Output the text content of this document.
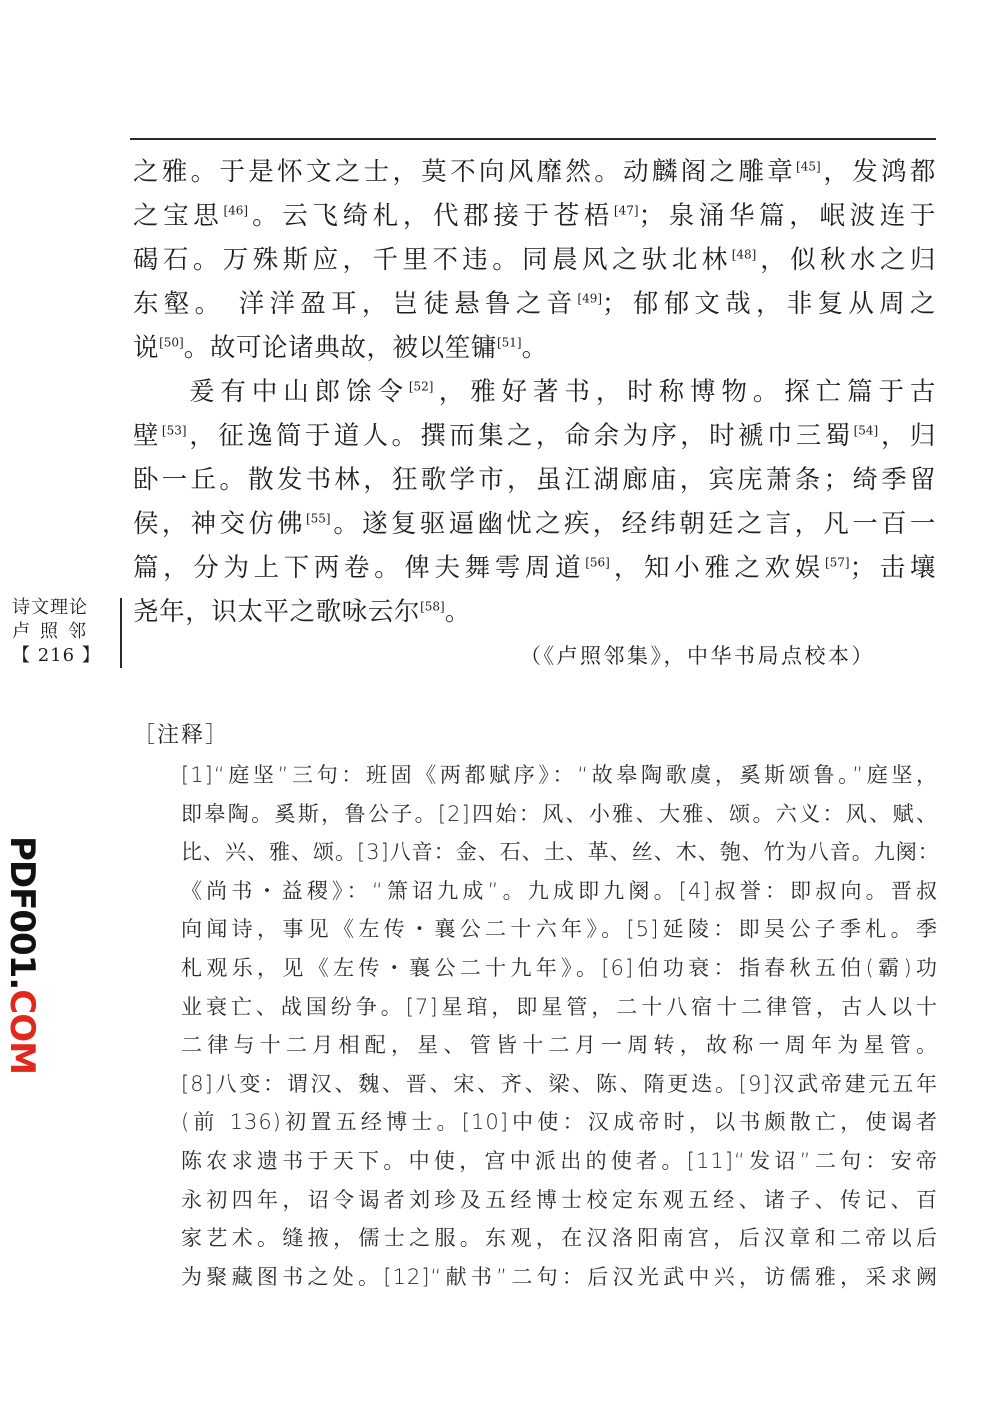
之雅。于是怀文之士，莫不向风靡然。动麟阁之雕章[45]，发鸿都
之宝思[46]。云飞绮札，代郡接于苍梧[47]；泉涌华篇，岷波连于
碣石。万殊斯应，千里不违。同晨风之驮北林[48]，似秋水之归
东壑。 洋洋盈耳，岂徒悬鲁之音[49]；郁郁文哉，非复从周之
说[50]。故可论诸典故，被以笙镛[51]。
爰有中山郎馀令[52]，雅好著书，时称博物。探亡篇于古
壁[53]，征逸简于道人。撰而集之，命余为序，时褫巾三蜀[54]，归
卧一丘。散发书林，狂歌学市，虽江湖廊庙，宾庑萧条；绮季留
侯，神交仿佛[55]。遂复驱逼幽忧之疾，经纬朝廷之言，凡一百一
篇，分为上下两卷。俾夫舞雩周道[56]，知小雅之欢娱[57]；击壤
尧年，识太平之歌咏云尔[58]。
（《卢照邻集》，中华书局点校本）
诗文理论
卢照邻
【 216 】
［注释］
[1]“庭坚”三句：班固《两都赋序》：“故皋陶歌虞，奚斯颂鲁。”庭坚，
即皋陶。奚斯，鲁公子。[2]四始：风、小雅、大雅、颂。六义：风、赋、
比、兴、雅、颂。[3]八音：金、石、土、革、丝、木、匏、竹为八音。九阕：
《尚书・益稷》：“箫诏九成”。九成即九阕。[4]叔誉：即叔向。晋叔
向闻诗，事见《左传・襄公二十六年》。[5]延陵：即吴公子季札。季
札观乐，见《左传・襄公二十九年》。[6]伯功衰：指春秋五伯(霸)功
业衰亡、战国纷争。[7]星琯，即星管，二十八宿十二律管，古人以十
二律与十二月相配，星、管皆十二月一周转，故称一周年为星管。
[8]八变：谓汉、魏、晋、宋、齐、梁、陈、隋更迭。[9]汉武帝建元五年
(前 136)初置五经博士。[10]中使：汉成帝时，以书颇散亡，使谒者
陈农求遗书于天下。中使，宫中派出的使者。[11]“发诏”二句：安帝
永初四年，诏令谒者刘珍及五经博士校定东观五经、诸子、传记、百
家艺术。缝掖，儒士之服。东观，在汉洛阳南宫，后汉章和二帝以后
为聚藏图书之处。[12]“献书”二句：后汉光武中兴，访儒雅，采求阙
PDF001.COM
